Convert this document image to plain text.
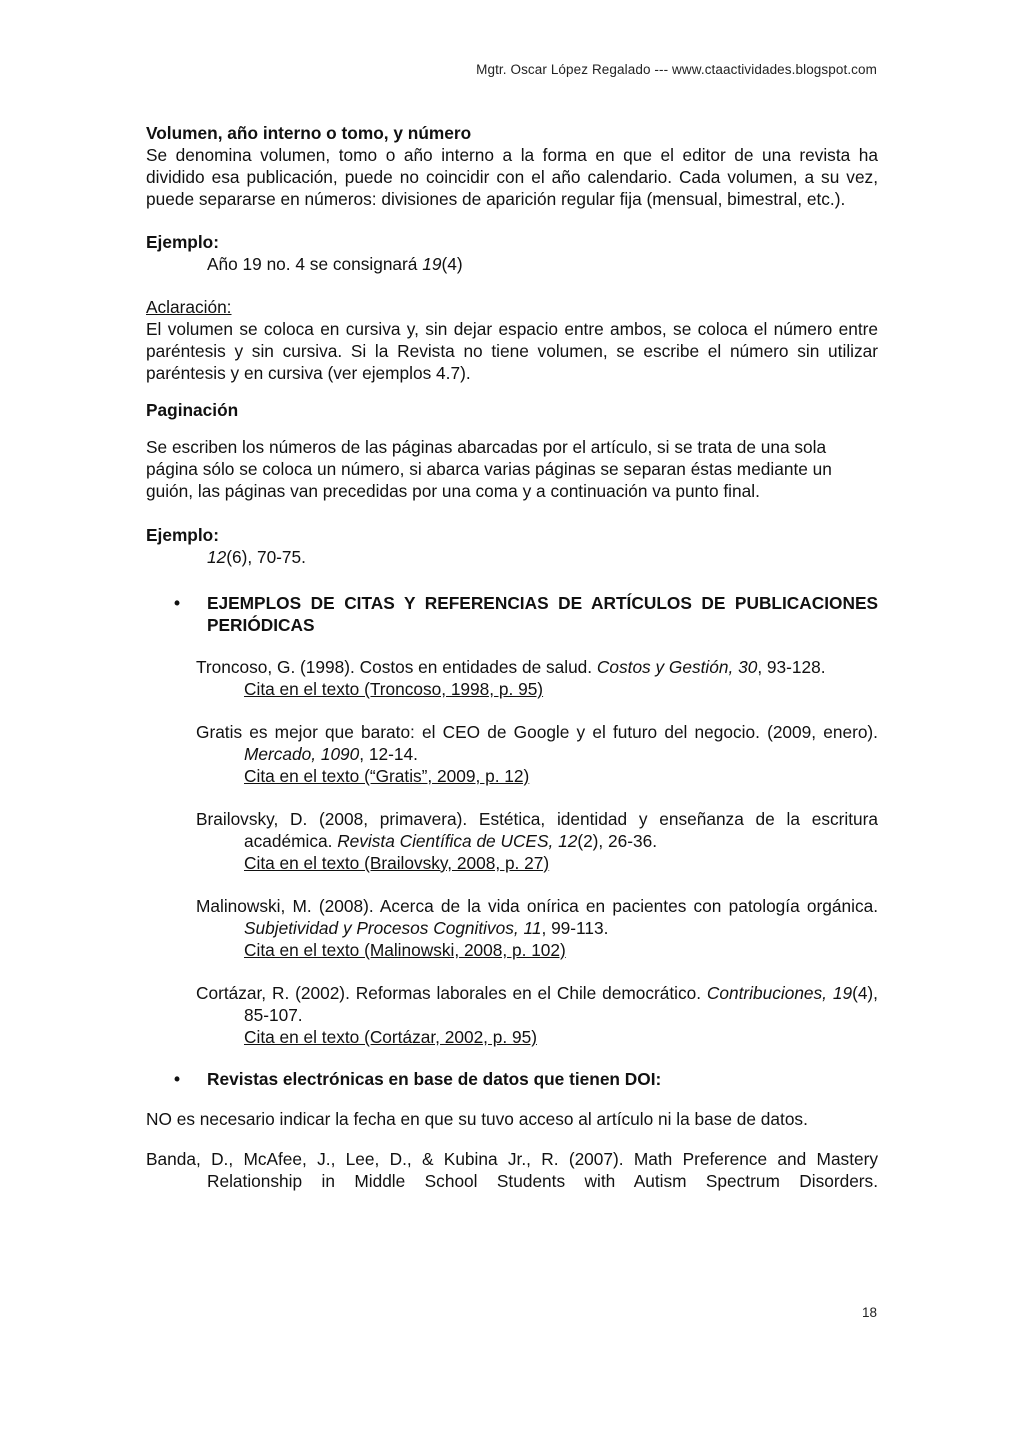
Mgtr. Oscar López Regalado --- www.ctaactividades.blogspot.com

Volumen, año interno o tomo, y número

Se denomina volumen, tomo o año interno a la forma en que el editor de una revista ha dividido esa publicación, puede no coincidir con el año calendario. Cada volumen, a su vez, puede separarse en números: divisiones de aparición regular fija (mensual, bimestral, etc.).

Ejemplo:

Año 19 no. 4 se consignará 19(4)

Aclaración:

El volumen se coloca en cursiva y, sin dejar espacio entre ambos, se coloca el número entre paréntesis y sin cursiva. Si la Revista no tiene volumen, se escribe el número sin utilizar paréntesis y en cursiva (ver ejemplos 4.7).

Paginación

Se escriben los números de las páginas abarcadas por el artículo, si se trata de una sola página sólo se coloca un número, si abarca varias páginas se separan éstas mediante un guión, las páginas van precedidas por una coma y a continuación va punto final.

Ejemplo:

12(6), 70-75.

•	EJEMPLOS DE CITAS Y REFERENCIAS DE ARTÍCULOS DE PUBLICACIONES PERIÓDICAS

Troncoso, G. (1998). Costos en entidades de salud. Costos y Gestión, 30, 93-128.

Cita en el texto (Troncoso, 1998, p. 95)

Gratis es mejor que barato: el CEO de Google y el futuro del negocio. (2009, enero). Mercado, 1090, 12-14.

Cita en el texto (“Gratis”, 2009, p. 12)

Brailovsky, D. (2008, primavera). Estética, identidad y enseñanza de la escritura académica. Revista Científica de UCES, 12(2), 26-36.

Cita en el texto (Brailovsky, 2008, p. 27)

Malinowski, M. (2008). Acerca de la vida onírica en pacientes con patología orgánica. Subjetividad y Procesos Cognitivos, 11, 99-113.

Cita en el texto (Malinowski, 2008, p. 102)

Cortázar, R. (2002). Reformas laborales en el Chile democrático. Contribuciones, 19(4), 85-107.

Cita en el texto (Cortázar, 2002, p. 95)

•	Revistas electrónicas en base de datos que tienen DOI:

NO es necesario indicar la fecha en que su tuvo acceso al artículo ni la base de datos.

Banda, D., McAfee, J., Lee, D., & Kubina Jr., R. (2007). Math Preference and Mastery Relationship in Middle School Students with Autism Spectrum Disorders.

18
